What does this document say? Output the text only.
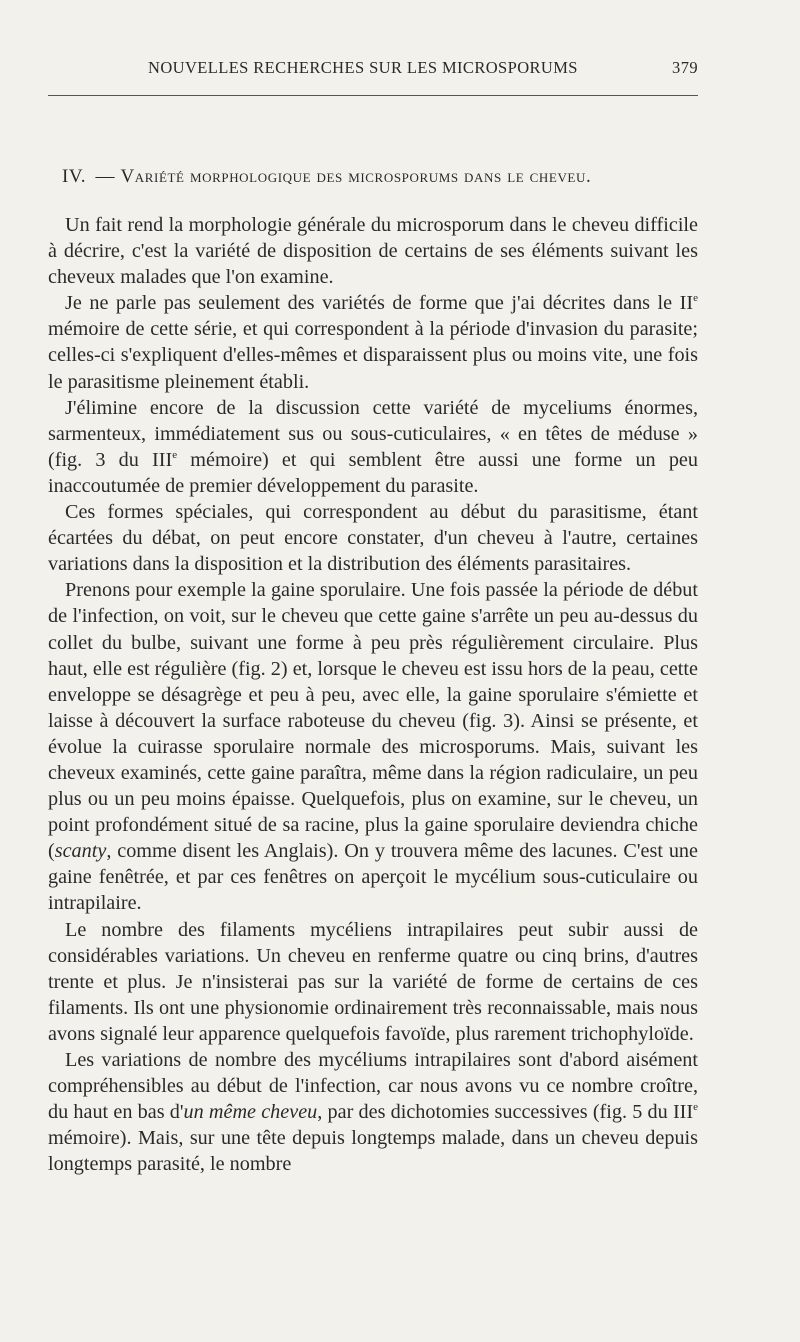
NOUVELLES RECHERCHES SUR LES MICROSPORUMS	379
IV. — Variété morphologique des microsporums dans le cheveu.

Un fait rend la morphologie générale du microsporum dans le cheveu difficile à décrire, c'est la variété de disposition de certains de ses éléments suivant les cheveux malades que l'on examine.

Je ne parle pas seulement des variétés de forme que j'ai décrites dans le IIe mémoire de cette série, et qui correspondent à la période d'invasion du parasite; celles-ci s'expliquent d'elles-mêmes et disparaissent plus ou moins vite, une fois le parasitisme pleinement établi.

J'élimine encore de la discussion cette variété de myceliums énormes, sarmenteux, immédiatement sus ou sous-cuticulaires, « en têtes de méduse » (fig. 3 du IIIe mémoire) et qui semblent être aussi une forme un peu inaccoutumée de premier développement du parasite.

Ces formes spéciales, qui correspondent au début du parasitisme, étant écartées du débat, on peut encore constater, d'un cheveu à l'autre, certaines variations dans la disposition et la distribution des éléments parasitaires.

Prenons pour exemple la gaine sporulaire. Une fois passée la période de début de l'infection, on voit, sur le cheveu que cette gaine s'arrête un peu au-dessus du collet du bulbe, suivant une forme à peu près régulièrement circulaire. Plus haut, elle est régulière (fig. 2) et, lorsque le cheveu est issu hors de la peau, cette enveloppe se désagrège et peu à peu, avec elle, la gaine sporulaire s'émiette et laisse à découvert la surface raboteuse du cheveu (fig. 3). Ainsi se présente, et évolue la cuirasse sporulaire normale des microsporums. Mais, suivant les cheveux examinés, cette gaine paraîtra, même dans la région radiculaire, un peu plus ou un peu moins épaisse. Quelquefois, plus on examine, sur le cheveu, un point profondément situé de sa racine, plus la gaine sporulaire deviendra chiche (scanty, comme disent les Anglais). On y trouvera même des lacunes. C'est une gaine fenêtrée, et par ces fenêtres on aperçoit le mycélium sous-cuticulaire ou intrapilaire.

Le nombre des filaments mycéliens intrapilaires peut subir aussi de considérables variations. Un cheveu en renferme quatre ou cinq brins, d'autres trente et plus. Je n'insisterai pas sur la variété de forme de certains de ces filaments. Ils ont une physionomie ordinairement très reconnaissable, mais nous avons signalé leur apparence quelquefois favoïde, plus rarement trichophyloïde.

Les variations de nombre des mycéliums intrapilaires sont d'abord aisément compréhensibles au début de l'infection, car nous avons vu ce nombre croître, du haut en bas d'un même cheveu, par des dichotomies successives (fig. 5 du IIIe mémoire). Mais, sur une tête depuis longtemps malade, dans un cheveu depuis longtemps parasité, le nombre
